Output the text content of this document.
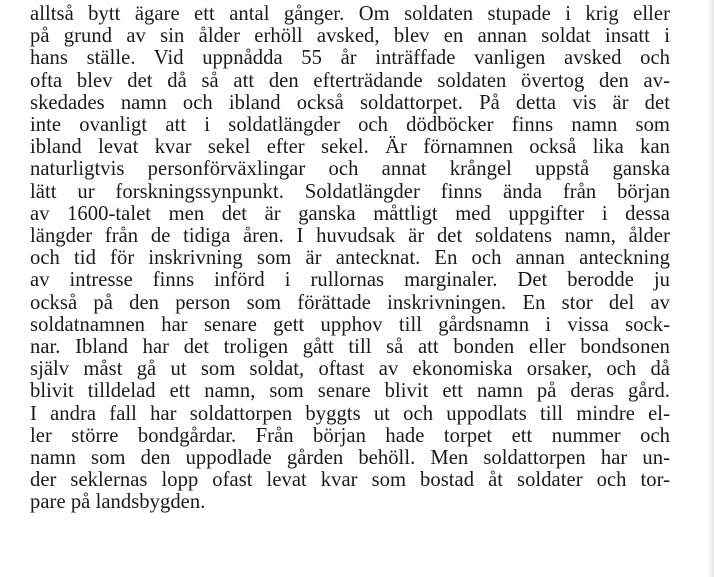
alltså bytt ägare ett antal gånger. Om soldaten stupade i krig eller
på grund av sin ålder erhöll avsked, blev en annan soldat insatt i
hans ställe. Vid uppnådda 55 år inträffade vanligen avsked och
ofta blev det då så att den efterträdande soldaten övertog den av-
skedades namn och ibland också soldattorpet. På detta vis är det
inte ovanligt att i soldatlängder och dödböcker finns namn som
ibland levat kvar sekel efter sekel. Är förnamnen också lika kan
naturligtvis personförväxlingar och annat krångel uppstå ganska
lätt ur forskningssynpunkt. Soldatlängder finns ända från början
av 1600-talet men det är ganska måttligt med uppgifter i dessa
längder från de tidiga åren. I huvudsak är det soldatens namn, ålder
och tid för inskrivning som är antecknat. En och annan anteckning
av intresse finns införd i rullornas marginaler. Det berodde ju
också på den person som förättade inskrivningen. En stor del av
soldatnamnen har senare gett upphov till gårdsnamn i vissa sock-
nar. Ibland har det troligen gått till så att bonden eller bondsonen
själv måst gå ut som soldat, oftast av ekonomiska orsaker, och då
blivit tilldelad ett namn, som senare blivit ett namn på deras gård.
I andra fall har soldattorpen byggts ut och uppodlats till mindre el-
ler större bondgårdar. Från början hade torpet ett nummer och
namn som den uppodlade gården behöll. Men soldattorpen har un-
der seklernas lopp ofast levat kvar som bostad åt soldater och tor-
pare på landsbygden.
